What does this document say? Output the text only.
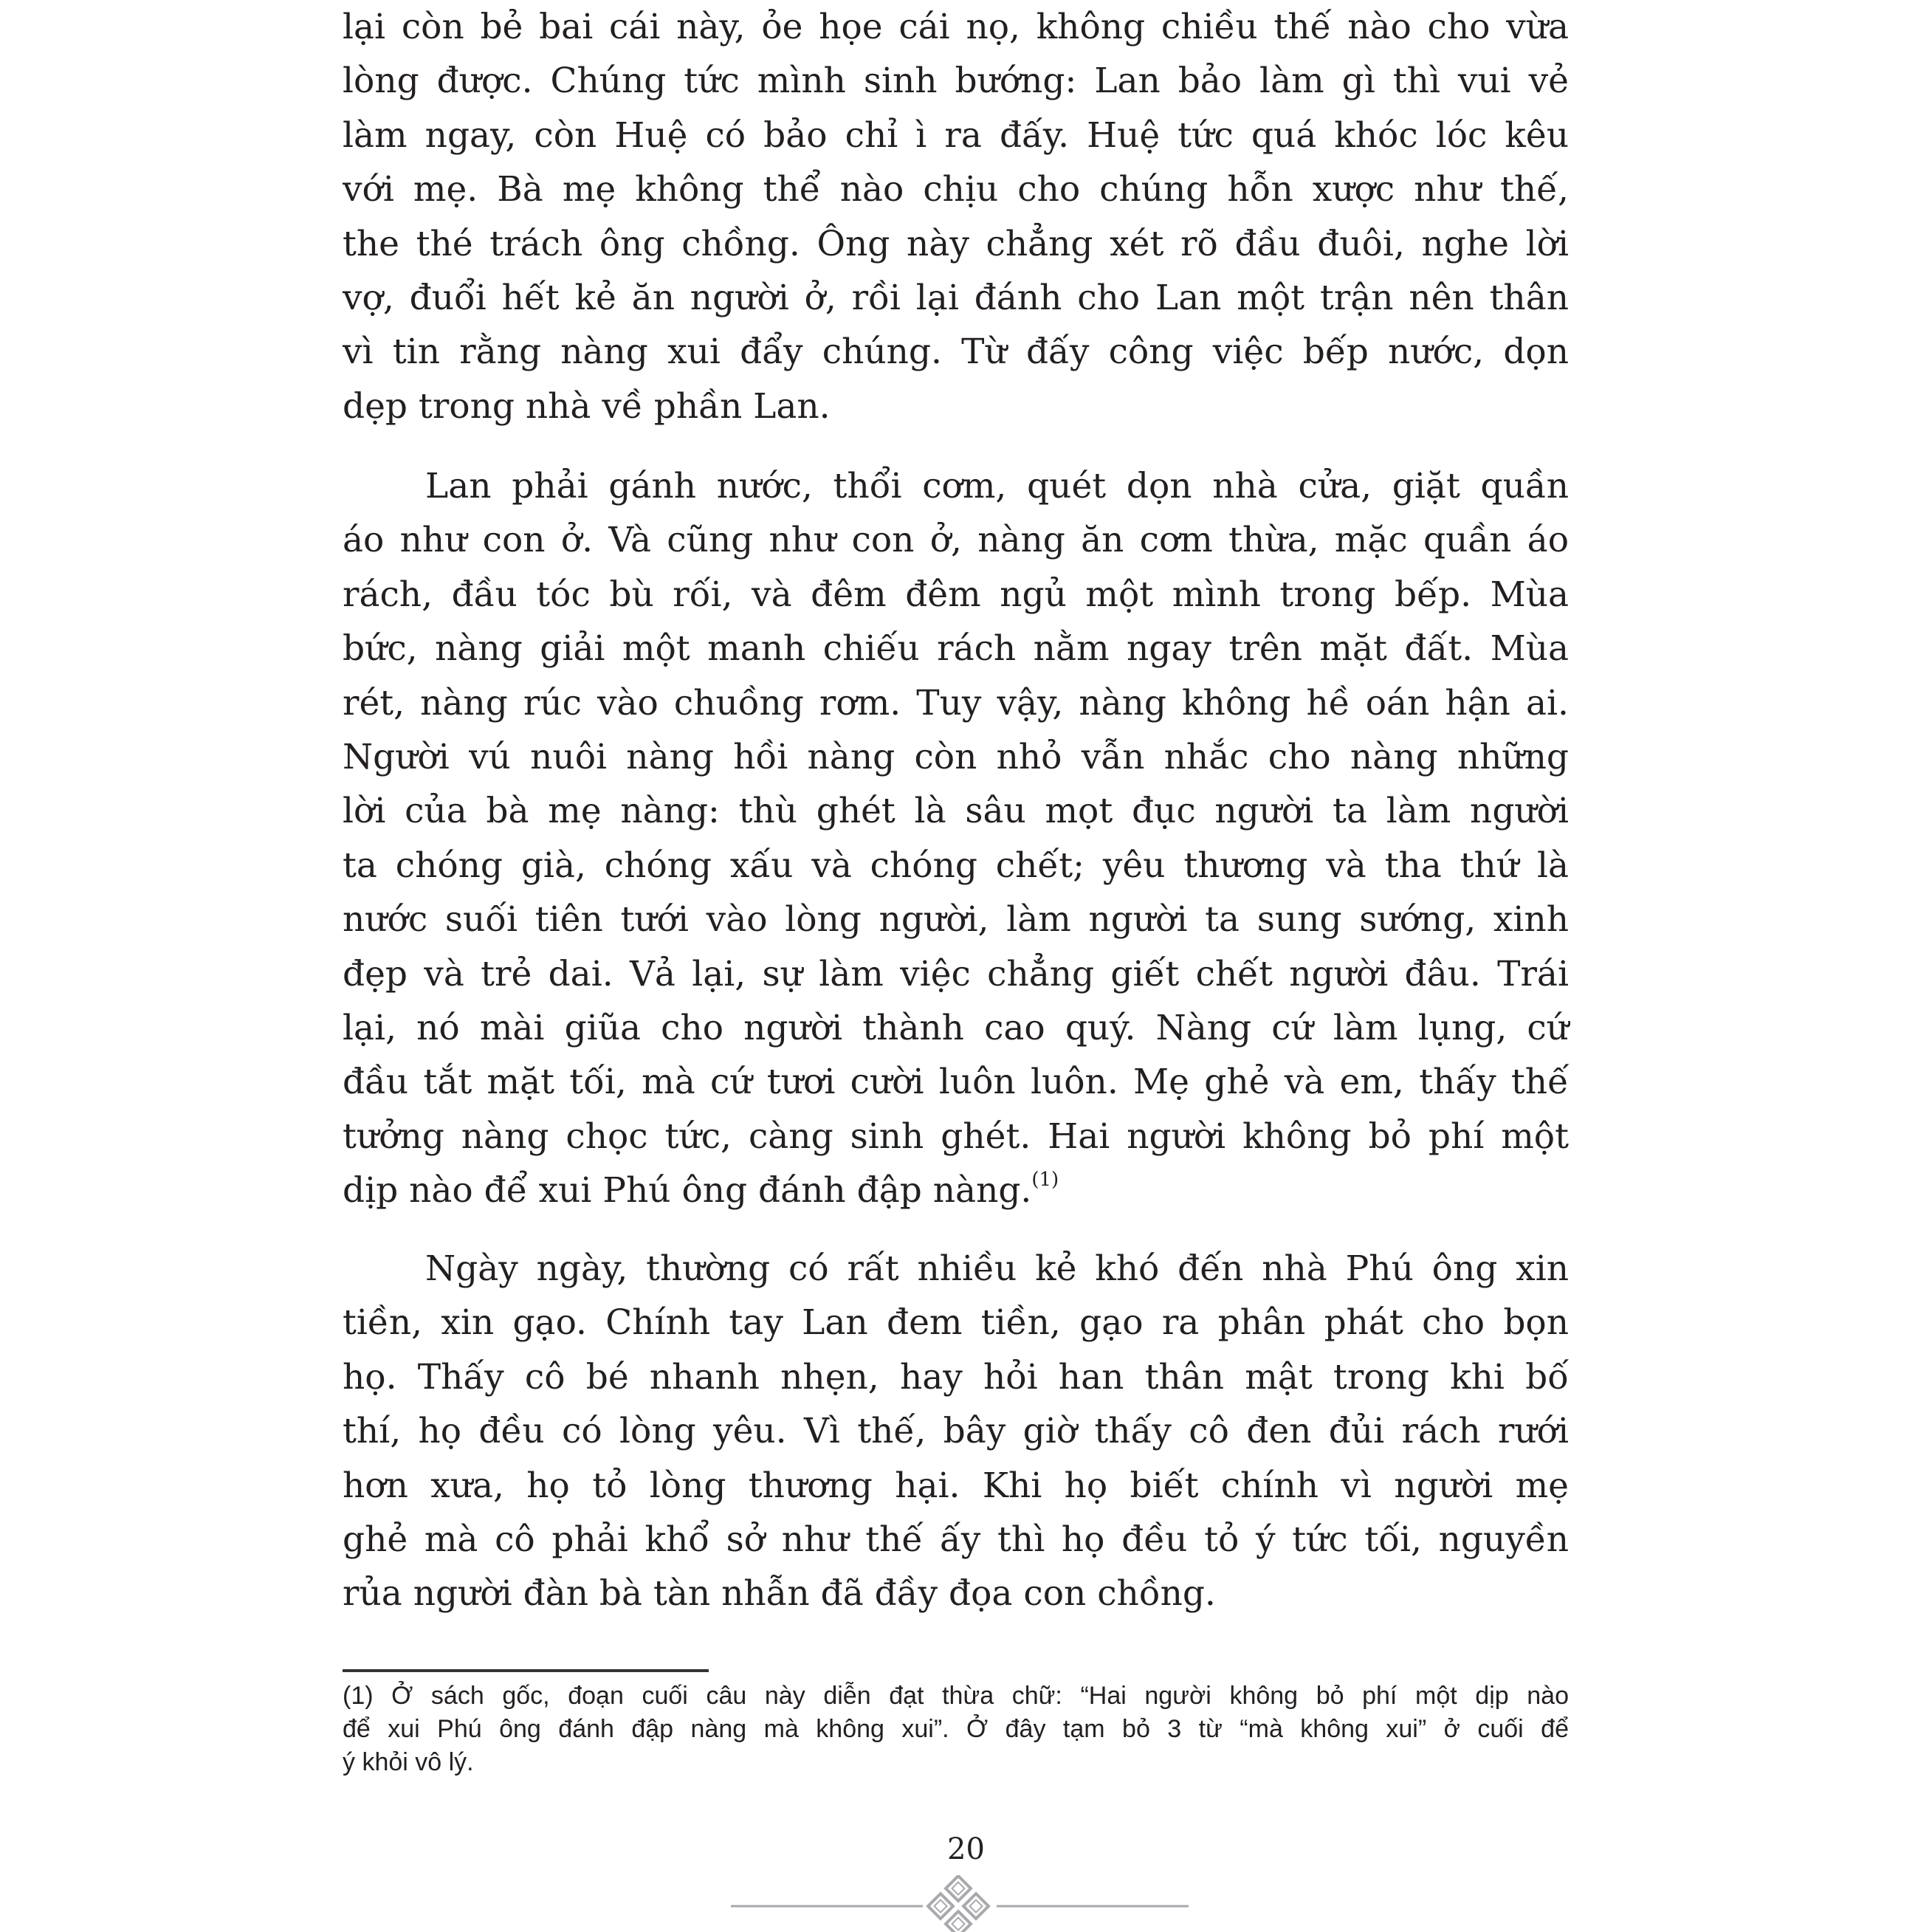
lại còn bẻ bai cái này, ỏe họe cái nọ, không chiều thế nào cho vừa
lòng được. Chúng tức mình sinh bướng: Lan bảo làm gì thì vui vẻ
làm ngay, còn Huệ có bảo chỉ ì ra đấy. Huệ tức quá khóc lóc kêu
với mẹ. Bà mẹ không thể nào chịu cho chúng hỗn xược như thế,
the thé trách ông chồng. Ông này chẳng xét rõ đầu đuôi, nghe lời
vợ, đuổi hết kẻ ăn người ở, rồi lại đánh cho Lan một trận nên thân
vì tin rằng nàng xui đẩy chúng. Từ đấy công việc bếp nước, dọn
dẹp trong nhà về phần Lan.
Lan phải gánh nước, thổi cơm, quét dọn nhà cửa, giặt quần
áo như con ở. Và cũng như con ở, nàng ăn cơm thừa, mặc quần áo
rách, đầu tóc bù rối, và đêm đêm ngủ một mình trong bếp. Mùa
bức, nàng giải một manh chiếu rách nằm ngay trên mặt đất. Mùa
rét, nàng rúc vào chuồng rơm. Tuy vậy, nàng không hề oán hận ai.
Người vú nuôi nàng hồi nàng còn nhỏ vẫn nhắc cho nàng những
lời của bà mẹ nàng: thù ghét là sâu mọt đục người ta làm người
ta chóng già, chóng xấu và chóng chết; yêu thương và tha thứ là
nước suối tiên tưới vào lòng người, làm người ta sung sướng, xinh
đẹp và trẻ dai. Vả lại, sự làm việc chẳng giết chết người đâu. Trái
lại, nó mài giũa cho người thành cao quý. Nàng cứ làm lụng, cứ
đầu tắt mặt tối, mà cứ tươi cười luôn luôn. Mẹ ghẻ và em, thấy thế
tưởng nàng chọc tức, càng sinh ghét. Hai người không bỏ phí một
dịp nào để xui Phú ông đánh đập nàng.$^{(1)}$
Ngày ngày, thường có rất nhiều kẻ khó đến nhà Phú ông xin
tiền, xin gạo. Chính tay Lan đem tiền, gạo ra phân phát cho bọn
họ. Thấy cô bé nhanh nhẹn, hay hỏi han thân mật trong khi bố
thí, họ đều có lòng yêu. Vì thế, bây giờ thấy cô đen đủi rách rưới
hơn xưa, họ tỏ lòng thương hại. Khi họ biết chính vì người mẹ
ghẻ mà cô phải khổ sở như thế ấy thì họ đều tỏ ý tức tối, nguyền
rủa người đàn bà tàn nhẫn đã đầy đọa con chồng.
(1) Ở sách gốc, đoạn cuối câu này diễn đạt thừa chữ: “Hai người không bỏ phí một dịp nào
để xui Phú ông đánh đập nàng mà không xui”. Ở đây tạm bỏ 3 từ “mà không xui” ở cuối để
ý khỏi vô lý.
20
